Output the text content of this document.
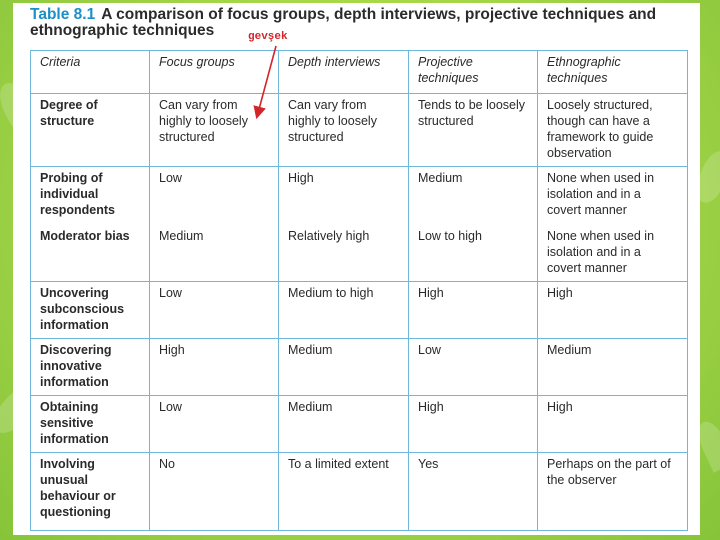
Table 8.1 A comparison of focus groups, depth interviews, projective techniques and ethnographic techniques	gevşek
Criteria	Focus groups	Depth interviews	Projective techniques	Ethnographic techniques
Degree of structure	Can vary from highly to loosely structured	Can vary from highly to loosely structured	Tends to be loosely structured	Loosely structured, though can have a framework to guide observation
Probing of individual respondents	Low	High	Medium	None when used in isolation and in a covert manner
Moderator bias	Medium	Relatively high	Low to high	None when used in isolation and in a covert manner
Uncovering subconscious information	Low	Medium to high	High	High
Discovering innovative information	High	Medium	Low	Medium
Obtaining sensitive information	Low	Medium	High	High
Involving unusual behaviour or questioning	No	To a limited extent	Yes	Perhaps on the part of the observer
